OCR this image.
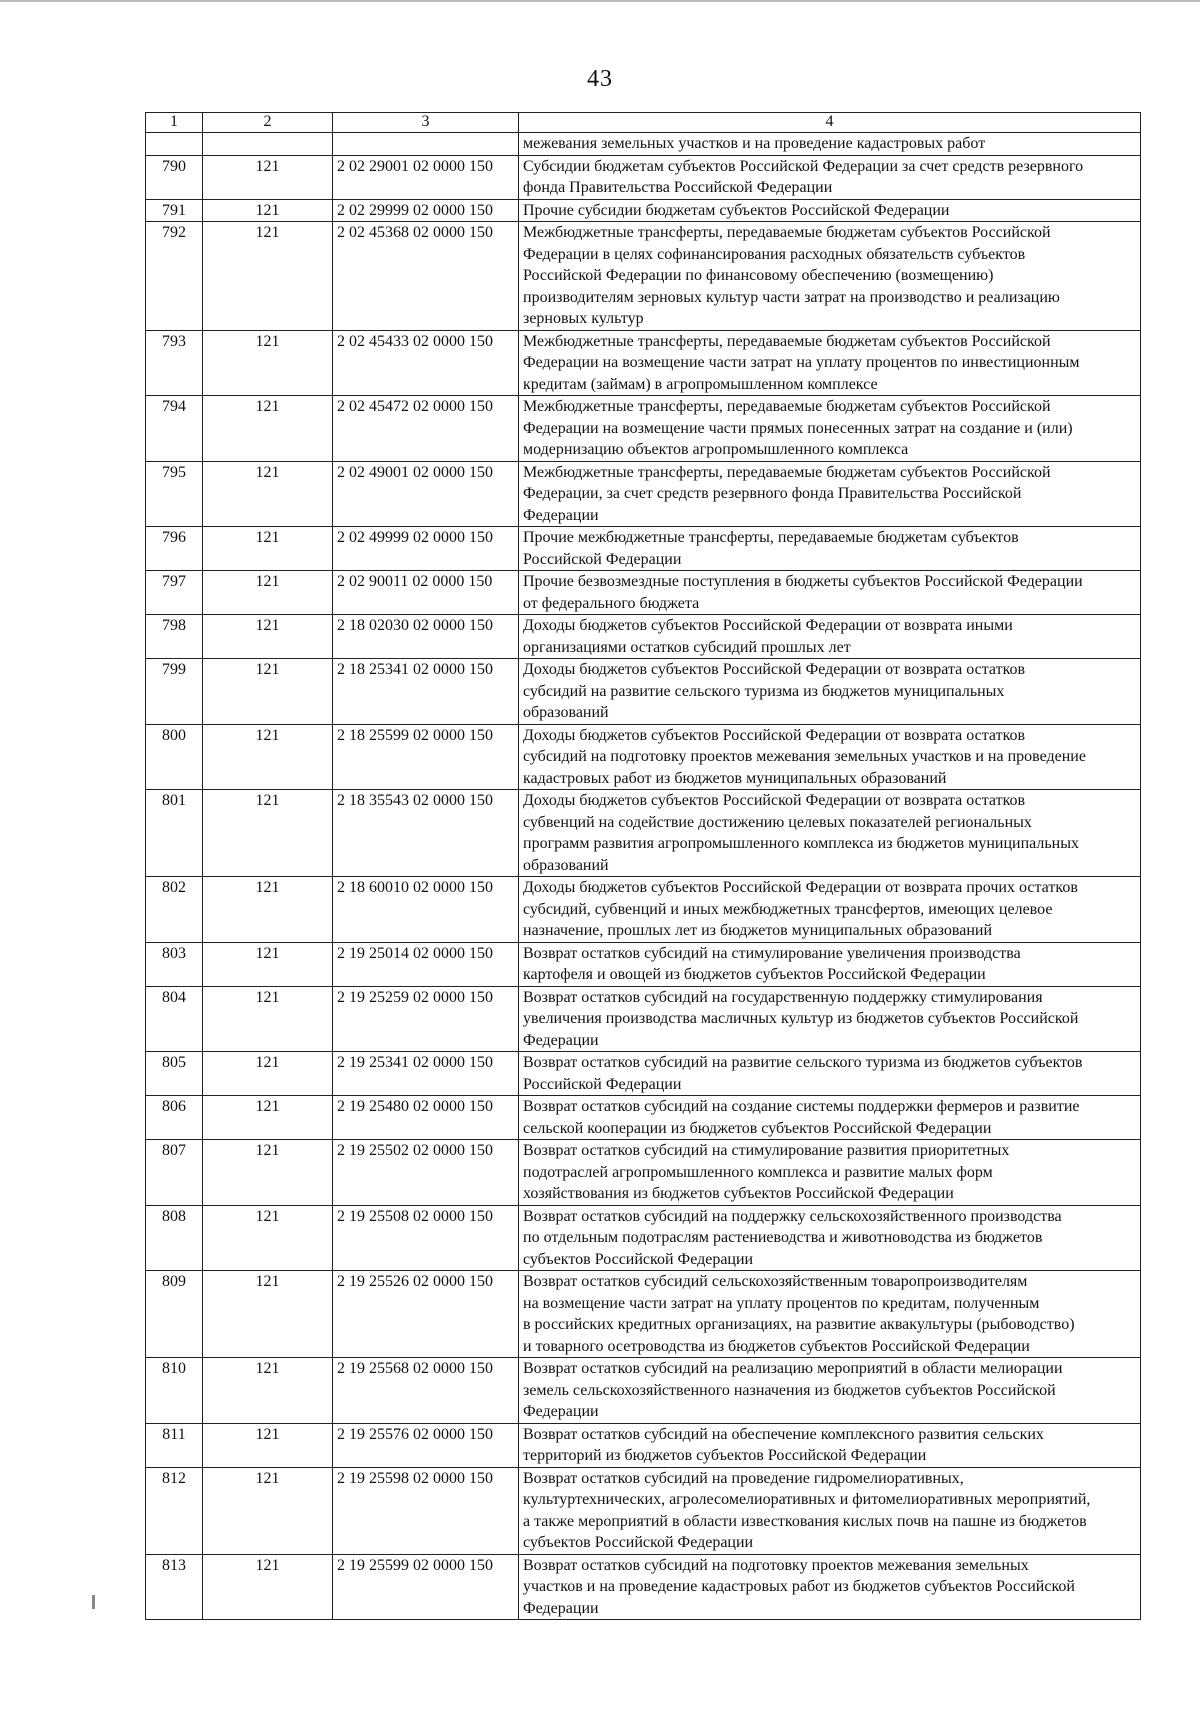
43
1	2	3	4

			межевания земельных участков и на проведение кадастровых работ

790	121	2 02 29001 02 0000 150	Субсидии бюджетам субъектов Российской Федерации за счет средств резервного
фонда Правительства Российской Федерации

791	121	2 02 29999 02 0000 150	Прочие субсидии бюджетам субъектов Российской Федерации

792	121	2 02 45368 02 0000 150	Межбюджетные трансферты, передаваемые бюджетам субъектов Российской
Федерации в целях софинансирования расходных обязательств субъектов
Российской Федерации по финансовому обеспечению (возмещению)
производителям зерновых культур части затрат на производство и реализацию
зерновых культур

793	121	2 02 45433 02 0000 150	Межбюджетные трансферты, передаваемые бюджетам субъектов Российской
Федерации на возмещение части затрат на уплату процентов по инвестиционным
кредитам (займам) в агропромышленном комплексе

794	121	2 02 45472 02 0000 150	Межбюджетные трансферты, передаваемые бюджетам субъектов Российской
Федерации на возмещение части прямых понесенных затрат на создание и (или)
модернизацию объектов агропромышленного комплекса

795	121	2 02 49001 02 0000 150	Межбюджетные трансферты, передаваемые бюджетам субъектов Российской
Федерации, за счет средств резервного фонда Правительства Российской
Федерации

796	121	2 02 49999 02 0000 150	Прочие межбюджетные трансферты, передаваемые бюджетам субъектов
Российской Федерации

797	121	2 02 90011 02 0000 150	Прочие безвозмездные поступления в бюджеты субъектов Российской Федерации
от федерального бюджета

798	121	2 18 02030 02 0000 150	Доходы бюджетов субъектов Российской Федерации от возврата иными
организациями остатков субсидий прошлых лет

799	121	2 18 25341 02 0000 150	Доходы бюджетов субъектов Российской Федерации от возврата остатков
субсидий на развитие сельского туризма из бюджетов муниципальных
образований

800	121	2 18 25599 02 0000 150	Доходы бюджетов субъектов Российской Федерации от возврата остатков
субсидий на подготовку проектов межевания земельных участков и на проведение
кадастровых работ из бюджетов муниципальных образований

801	121	2 18 35543 02 0000 150	Доходы бюджетов субъектов Российской Федерации от возврата остатков
субвенций на содействие достижению целевых показателей региональных
программ развития агропромышленного комплекса из бюджетов муниципальных
образований

802	121	2 18 60010 02 0000 150	Доходы бюджетов субъектов Российской Федерации от возврата прочих остатков
субсидий, субвенций и иных межбюджетных трансфертов, имеющих целевое
назначение, прошлых лет из бюджетов муниципальных образований

803	121	2 19 25014 02 0000 150	Возврат остатков субсидий на стимулирование увеличения производства
картофеля и овощей из бюджетов субъектов Российской Федерации

804	121	2 19 25259 02 0000 150	Возврат остатков субсидий на государственную поддержку стимулирования
увеличения производства масличных культур из бюджетов субъектов Российской
Федерации

805	121	2 19 25341 02 0000 150	Возврат остатков субсидий на развитие сельского туризма из бюджетов субъектов
Российской Федерации

806	121	2 19 25480 02 0000 150	Возврат остатков субсидий на создание системы поддержки фермеров и развитие
сельской кооперации из бюджетов субъектов Российской Федерации

807	121	2 19 25502 02 0000 150	Возврат остатков субсидий на стимулирование развития приоритетных
подотраслей агропромышленного комплекса и развитие малых форм
хозяйствования из бюджетов субъектов Российской Федерации

808	121	2 19 25508 02 0000 150	Возврат остатков субсидий на поддержку сельскохозяйственного производства
по отдельным подотраслям растениеводства и животноводства из бюджетов
субъектов Российской Федерации

809	121	2 19 25526 02 0000 150	Возврат остатков субсидий сельскохозяйственным товаропроизводителям
на возмещение части затрат на уплату процентов по кредитам, полученным
в российских кредитных организациях, на развитие аквакультуры (рыбоводство)
и товарного осетроводства из бюджетов субъектов Российской Федерации

810	121	2 19 25568 02 0000 150	Возврат остатков субсидий на реализацию мероприятий в области мелиорации
земель сельскохозяйственного назначения из бюджетов субъектов Российской
Федерации

811	121	2 19 25576 02 0000 150	Возврат остатков субсидий на обеспечение комплексного развития сельских
территорий из бюджетов субъектов Российской Федерации

812	121	2 19 25598 02 0000 150	Возврат остатков субсидий на проведение гидромелиоративных,
культуртехнических, агролесомелиоративных и фитомелиоративных мероприятий,
а также мероприятий в области известкования кислых почв на пашне из бюджетов
субъектов Российской Федерации

813	121	2 19 25599 02 0000 150	Возврат остатков субсидий на подготовку проектов межевания земельных
участков и на проведение кадастровых работ из бюджетов субъектов Российской
Федерации
